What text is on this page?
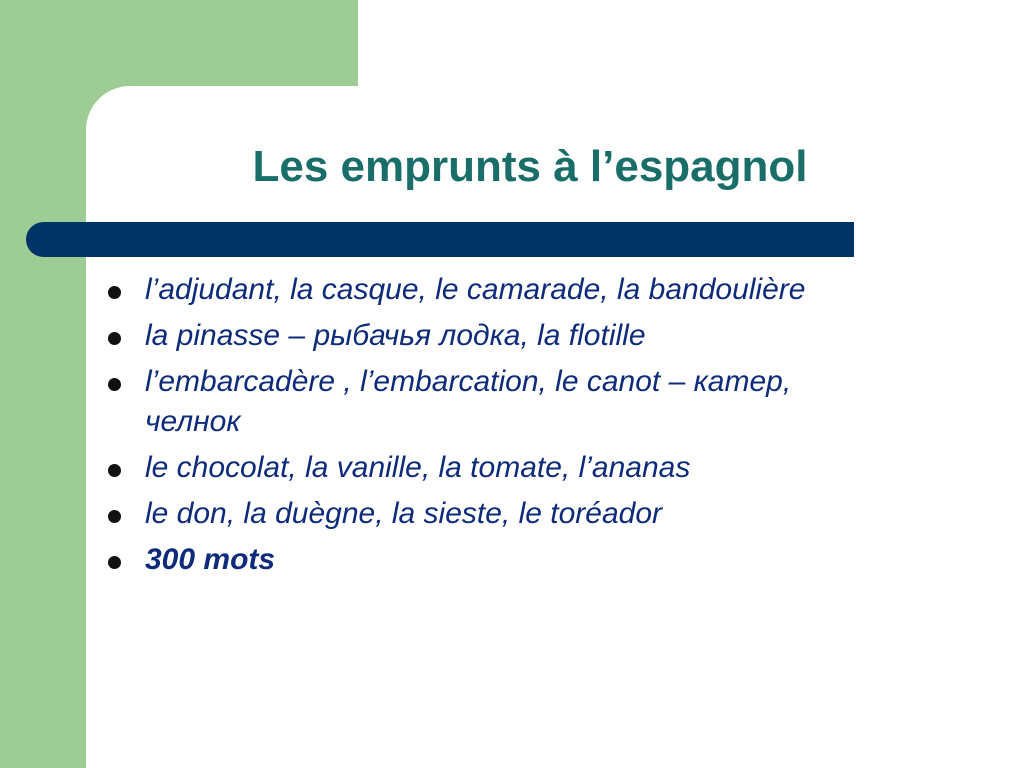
Les emprunts à l’espagnol
l’adjudant, la casque, le camarade, la bandoulière
la pinasse – рыбачья лодка, la flotille
l’embarcadère , l’embarcation, le canot – катер, челнок
le chocolat, la vanille, la tomate, l’ananas
le don, la duègne, la sieste, le toréador
300 mots
